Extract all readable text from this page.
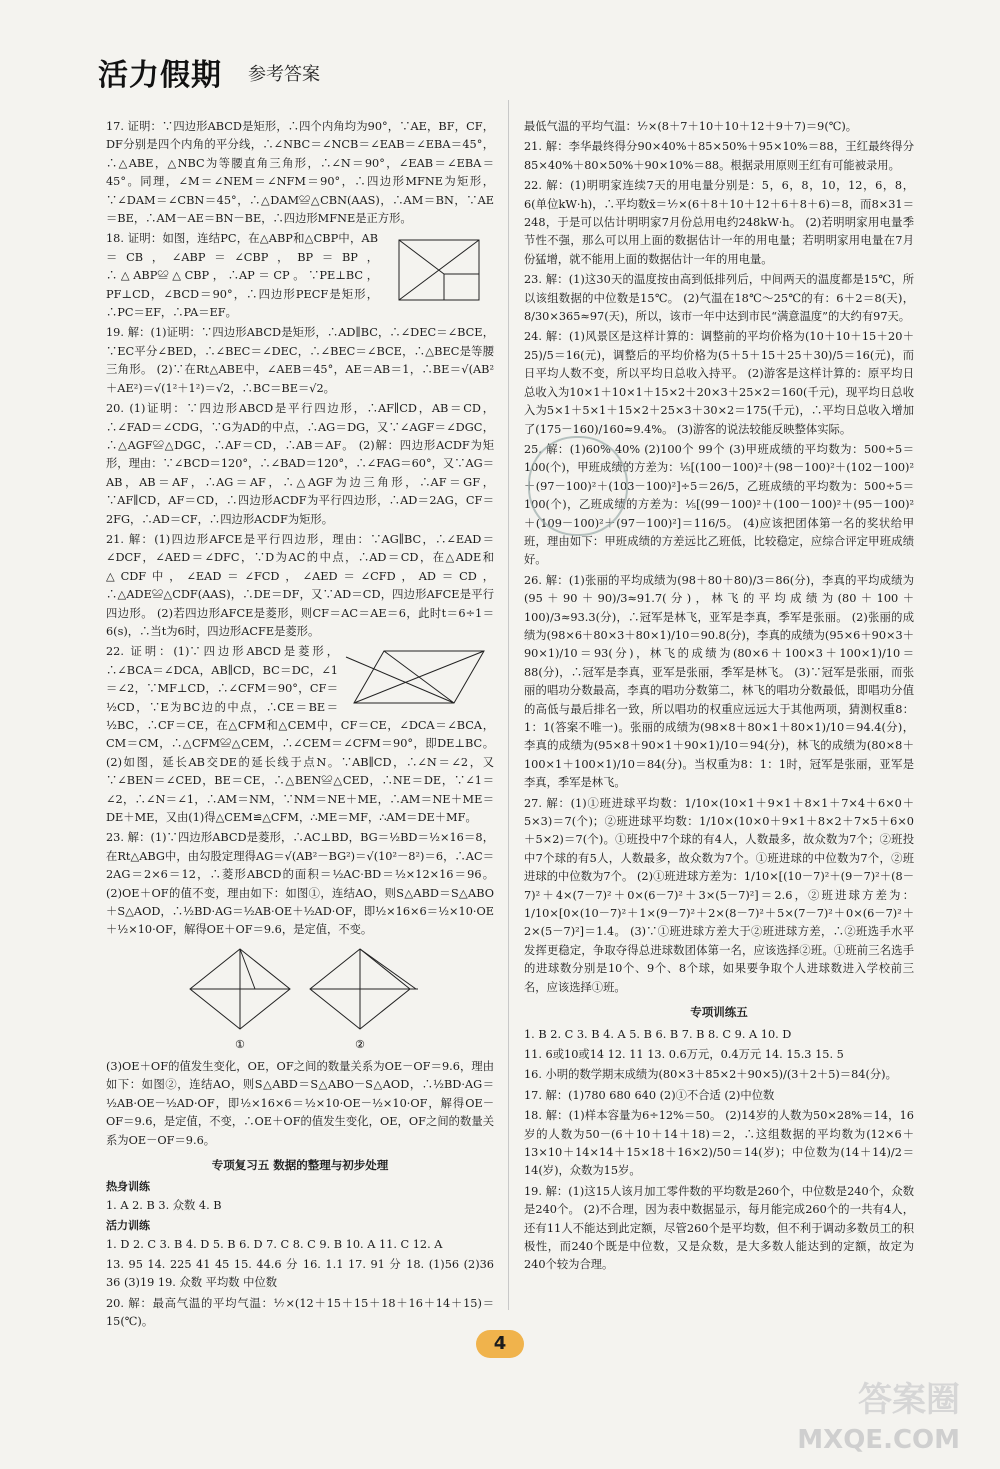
活力假期 参考答案

17. 证明：∵四边形ABCD是矩形，∴四个内角均为90°，∵AE，BF，CF，DF分别是四个内角的平分线，∴∠NBC＝∠NCB＝∠EAB＝∠EBA＝45°，∴△ABE，△NBC为等腰直角三角形，∴∠N＝90°，∠EAB＝∠EBA＝45°。同理，∠M＝∠NEM＝∠NFM＝90°，∴四边形MFNE为矩形，∵∠DAM＝∠CBN＝45°，∴△DAM≌△CBN(AAS)，∴AM＝BN，∵AE＝BE，∴AM－AE＝BN－BE，∴四边形MFNE是正方形。

18. 证明：如图，连结PC，在△ABP和△CBP中，AB＝CB，∠ABP＝∠CBP，BP＝BP，∴△ABP≌△CBP，∴AP＝CP。∵PE⊥BC，PF⊥CD，∠BCD＝90°，∴四边形PECF是矩形，∴PC＝EF，∴PA＝EF。

19. 解：(1)证明：∵四边形ABCD是矩形，∴AD∥BC，∴∠DEC＝∠BCE，∵EC平分∠BED，∴∠BEC＝∠DEC，∴∠BEC＝∠BCE，∴△BEC是等腰三角形。 (2)∵在Rt△ABE中，∠AEB＝45°，AE＝AB＝1，∴BE＝√(AB²＋AE²)＝√(1²＋1²)＝√2，∴BC＝BE＝√2。

20. (1)证明：∵四边形ABCD是平行四边形，∴AF∥CD，AB＝CD，∴∠FAD＝∠CDG，∵G为AD的中点，∴AG＝DG，又∵∠AGF＝∠DGC，∴△AGF≌△DGC，∴AF＝CD，∴AB＝AF。 (2)解：四边形ACDF为矩形，理由：∵∠BCD＝120°，∴∠BAD＝120°，∴∠FAG＝60°，又∵AG＝AB，AB＝AF，∴AG＝AF，∴△AGF为边三角形，∴AF＝GF，∵AF∥CD，AF＝CD，∴四边形ACDF为平行四边形，∴AD＝2AG，CF＝2FG，∴AD＝CF，∴四边形ACDF为矩形。

21. 解：(1)四边形AFCE是平行四边形，理由：∵AG∥BC，∴∠EAD＝∠DCF，∠AED＝∠DFC，∵D为AC的中点，∴AD＝CD，在△ADE和△CDF中，∠EAD＝∠FCD，∠AED＝∠CFD，AD＝CD，∴△ADE≌△CDF(AAS)，∴DE＝DF，又∵AD＝CD，四边形AFCE是平行四边形。 (2)若四边形AFCE是菱形，则CF＝AC＝AE＝6，此时t＝6÷1＝6(s)，∴当t为6时，四边形ACFE是菱形。

22. 证明：(1)∵四边形ABCD是菱形，∴∠BCA＝∠DCA，AB∥CD，BC＝DC，∠1＝∠2，∵MF⊥CD，∴∠CFM＝90°，CF＝½CD，∵E为BC边的中点，∴CE＝BE＝½BC，∴CF＝CE，在△CFM和△CEM中，CF＝CE，∠DCA＝∠BCA，CM＝CM，∴△CFM≌△CEM，∴∠CEM＝∠CFM＝90°，即DE⊥BC。 (2)如图，延长AB交DE的延长线于点N。∵AB∥CD，∴∠N＝∠2，又∵∠BEN＝∠CED，BE＝CE，∴△BEN≌△CED，∴NE＝DE，∵∠1＝∠2，∴∠N＝∠1，∴AM＝NM，∵NM＝NE＋ME，∴AM＝NE＋ME＝DE＋ME，又由(1)得△CEM≌△CFM，∴ME＝MF，∴AM＝DE＋MF。

23. 解：(1)∵四边形ABCD是菱形，∴AC⊥BD，BG＝½BD＝½×16＝8，在Rt△ABG中，由勾股定理得AG＝√(AB²－BG²)＝√(10²－8²)＝6，∴AC＝2AG＝2×6＝12，∴菱形ABCD的面积＝½AC·BD＝½×12×16＝96。 (2)OE＋OF的值不变，理由如下：如图①，连结AO，则S△ABD＝S△ABO＋S△AOD，∴½BD·AG＝½AB·OE＋½AD·OF，即½×16×6＝½×10·OE＋½×10·OF，解得OE＋OF＝9.6，是定值，不变。

①	②

(3)OE＋OF的值发生变化，OE，OF之间的数量关系为OE－OF＝9.6，理由如下：如图②，连结AO，则S△ABD＝S△ABO－S△AOD，∴½BD·AG＝½AB·OE－½AD·OF，即½×16×6＝½×10·OE－½×10·OF，解得OE－OF＝9.6，是定值，不变，∴OE＋OF的值发生变化，OE，OF之间的数量关系为OE－OF＝9.6。

专项复习五 数据的整理与初步处理
热身训练

1. A 2. B 3. 众数 4. B

活力训练

1. D 2. C 3. B 4. D 5. B 6. D 7. C 8. C 9. B 10. A 11. C 12. A

13. 95 14. 225 41 45 15. 44.6 分 16. 1.1 17. 91 分 18. (1)56 (2)36 36 (3)19 19. 众数 平均数 中位数

20. 解：最高气温的平均气温：⅐×(12＋15＋15＋18＋16＋14＋15)＝15(℃)。

最低气温的平均气温：⅐×(8＋7＋10＋10＋12＋9＋7)＝9(℃)。

21. 解：李华最终得分90×40%＋85×50%＋95×10%＝88，王红最终得分85×40%＋80×50%＋90×10%＝88。根据录用原则王红有可能被录用。

22. 解：(1)明明家连续7天的用电量分别是：5，6，8，10，12，6，8，6(单位kW·h)，∴平均数x̄＝⅐×(6＋8＋10＋12＋6＋8＋6)＝8，而8×31＝248，于是可以估计明明家7月份总用电约248kW·h。 (2)若明明家用电量季节性不强，那么可以用上面的数据估计一年的用电量；若明明家用电量在7月份猛增，就不能用上面的数据估计一年的用电量。

23. 解：(1)这30天的温度按由高到低排列后，中间两天的温度都是15℃，所以该组数据的中位数是15℃。 (2)气温在18℃～25℃的有：6＋2＝8(天)，8/30×365≈97(天)，所以，该市一年中达到市民“满意温度”的大约有97天。

24. 解：(1)风景区是这样计算的：调整前的平均价格为(10＋10＋15＋20＋25)/5＝16(元)，调整后的平均价格为(5＋5＋15＋25＋30)/5＝16(元)，而日平均人数不变，所以平均日总收入持平。 (2)游客是这样计算的：原平均日总收入为10×1＋10×1＋15×2＋20×3＋25×2＝160(千元)，现平均日总收入为5×1＋5×1＋15×2＋25×3＋30×2＝175(千元)，∴平均日总收入增加了(175－160)/160≈9.4%。 (3)游客的说法较能反映整体实际。

25. 解：(1)60% 40% (2)100个 99个 (3)甲班成绩的平均数为：500÷5＝100(个)，甲班成绩的方差为：⅕[(100－100)²＋(98－100)²＋(102－100)²＋(97－100)²＋(103－100)²]÷5＝26/5，乙班成绩的平均数为：500÷5＝100(个)，乙班成绩的方差为：⅕[(99－100)²＋(100－100)²＋(95－100)²＋(109－100)²＋(97－100)²]＝116/5。 (4)应该把团体第一名的奖状给甲班，理由如下：甲班成绩的方差远比乙班低，比较稳定，应综合评定甲班成绩好。

26. 解：(1)张丽的平均成绩为(98＋80＋80)/3＝86(分)，李真的平均成绩为(95＋90＋90)/3≈91.7(分)，林飞的平均成绩为(80＋100＋100)/3≈93.3(分)，∴冠军是林飞，亚军是李真，季军是张丽。 (2)张丽的成绩为(98×6＋80×3＋80×1)/10＝90.8(分)，李真的成绩为(95×6＋90×3＋90×1)/10＝93(分)，林飞的成绩为(80×6＋100×3＋100×1)/10＝88(分)，∴冠军是李真，亚军是张丽，季军是林飞。 (3)∵冠军是张丽，而张丽的唱功分数最高，李真的唱功分数第二，林飞的唱功分数最低，即唱功分值的高低与最后排名一致，所以唱功的权重应远远大于其他两项，猜测权重8：1：1(答案不唯一)。张丽的成绩为(98×8＋80×1＋80×1)/10＝94.4(分)，李真的成绩为(95×8＋90×1＋90×1)/10＝94(分)，林飞的成绩为(80×8＋100×1＋100×1)/10＝84(分)。当权重为8：1：1时，冠军是张丽，亚军是李真，季军是林飞。

27. 解：(1)①班进球平均数：1/10×(10×1＋9×1＋8×1＋7×4＋6×0＋5×3)＝7(个)；②班进球平均数：1/10×(10×0＋9×1＋8×2＋7×5＋6×0＋5×2)＝7(个)。①班投中7个球的有4人，人数最多，故众数为7个；②班投中7个球的有5人，人数最多，故众数为7个。①班进球的中位数为7个，②班进球的中位数为7个。 (2)①班进球方差为：1/10×[(10－7)²＋(9－7)²＋(8－7)²＋4×(7－7)²＋0×(6－7)²＋3×(5－7)²]＝2.6，②班进球方差为：1/10×[0×(10－7)²＋1×(9－7)²＋2×(8－7)²＋5×(7－7)²＋0×(6－7)²＋2×(5－7)²]＝1.4。 (3)∵①班进球方差大于②班进球方差，∴②班选手水平发挥更稳定，争取夺得总进球数团体第一名，应该选择②班。①班前三名选手的进球数分别是10个、9个、8个球，如果要争取个人进球数进入学校前三名，应该选择①班。

专项训练五

1. B 2. C 3. B 4. A 5. B 6. B 7. B 8. C 9. A 10. D

11. 6或10或14 12. 11 13. 0.6万元，0.4万元 14. 15.3 15. 5

16. 小明的数学期末成绩为(80×3＋85×2＋90×5)/(3＋2＋5)＝84(分)。

17. 解：(1)780 680 640 (2)①不合适 (2)中位数

18. 解：(1)样本容量为6÷12%＝50。 (2)14岁的人数为50×28%＝14，16岁的人数为50－(6＋10＋14＋18)＝2，∴这组数据的平均数为(12×6＋13×10＋14×14＋15×18＋16×2)/50＝14(岁)；中位数为(14＋14)/2＝14(岁)，众数为15岁。

19. 解：(1)这15人该月加工零件数的平均数是260个，中位数是240个，众数是240个。 (2)不合理，因为表中数据显示，每月能完成260个的一共有4人，还有11人不能达到此定额，尽管260个是平均数，但不利于调动多数员工的积极性，而240个既是中位数，又是众数，是大多数人能达到的定额，故定为240个较为合理。

4
答案圈
MXQE.COM
